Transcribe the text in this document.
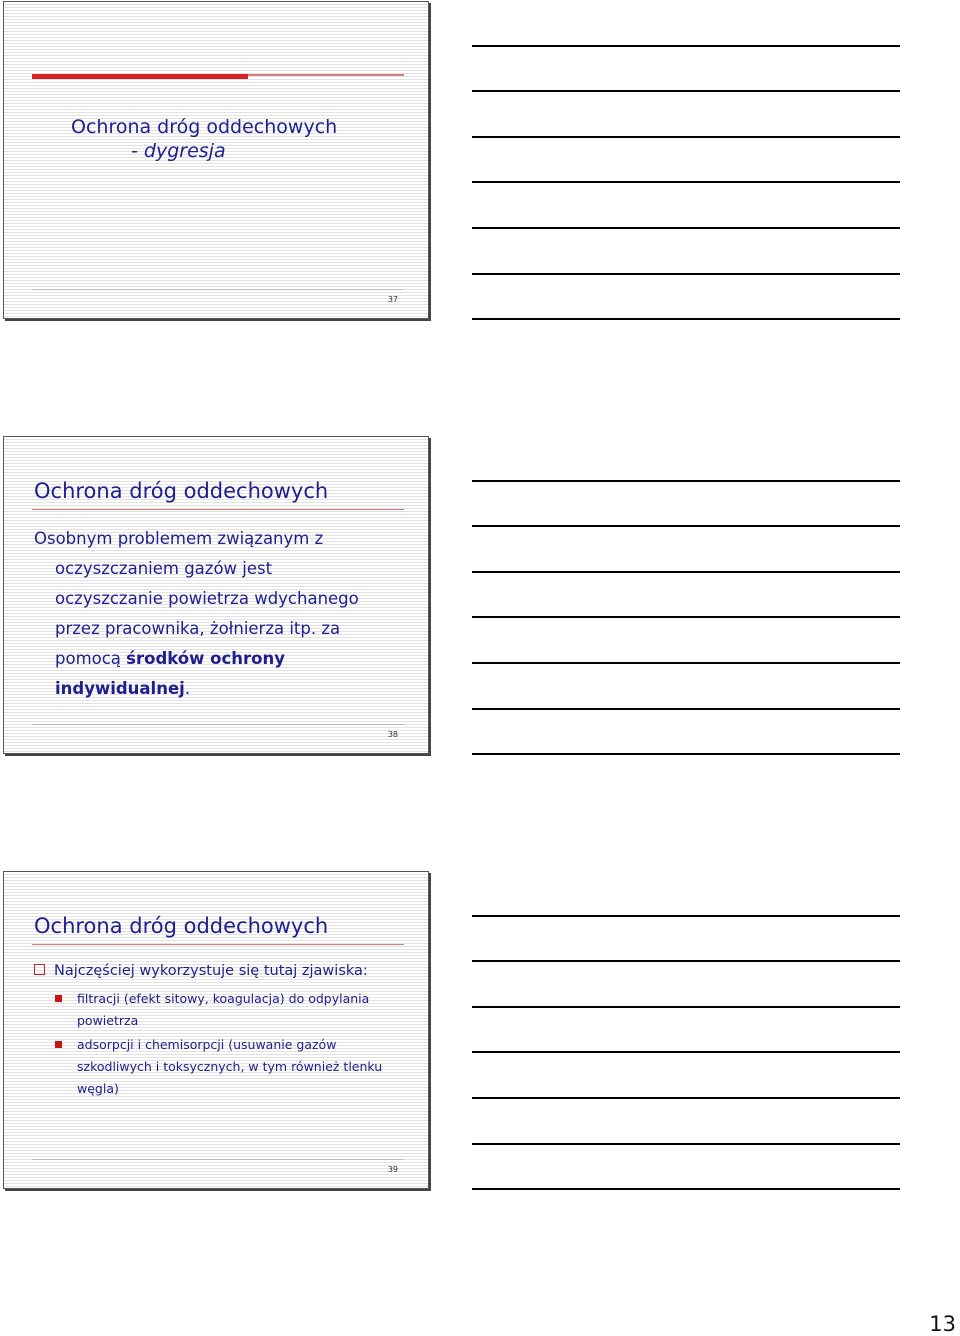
Ochrona dróg oddechowych
- dygresja
37
Ochrona dróg oddechowych
Osobnym problemem związanym z
oczyszczaniem gazów jest
oczyszczanie powietrza wdychanego
przez pracownika, żołnierza itp. za
pomocą środków ochrony
indywidualnej.
38
Ochrona dróg oddechowych
Najczęściej wykorzystuje się tutaj zjawiska:
filtracji (efekt sitowy, koagulacja) do odpylania
powietrza
adsorpcji i chemisorpcji (usuwanie gazów
szkodliwych i toksycznych, w tym również tlenku
węgla)
39
13
